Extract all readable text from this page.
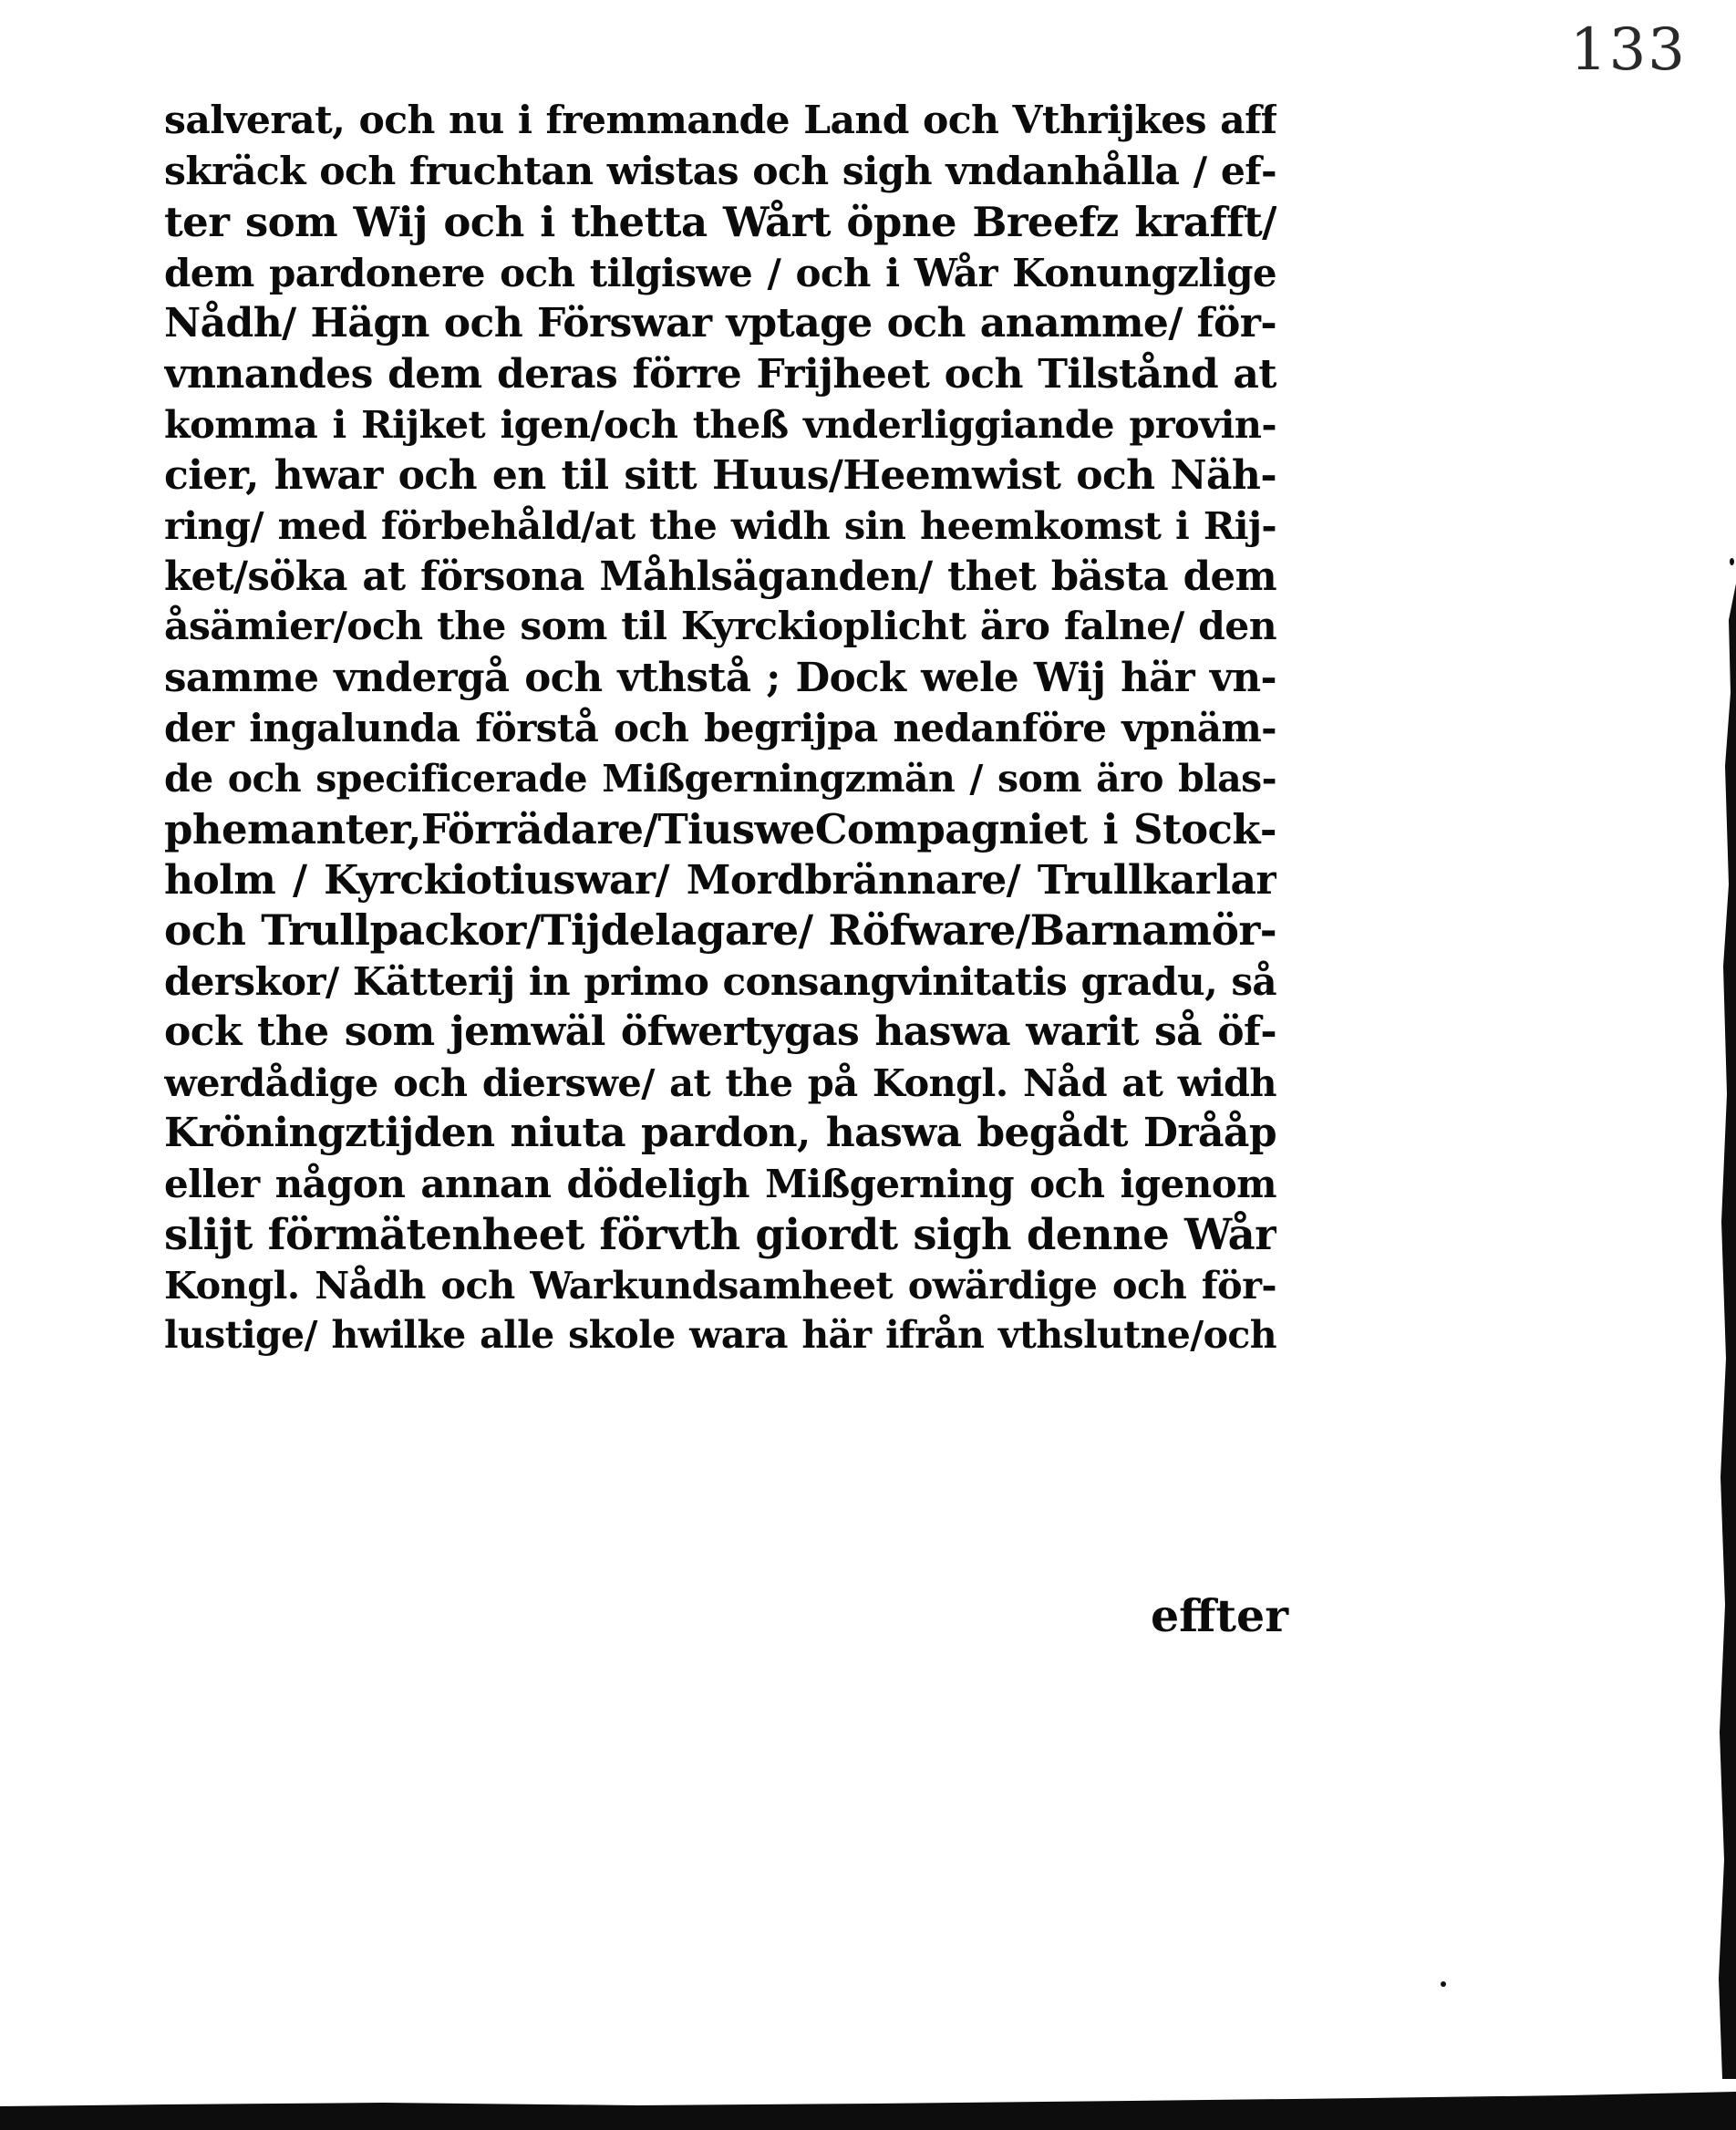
133
salverat, och nu i fremmande Land och Vthrijkes aff
skräck och fruchtan wistas och sigh vndanhålla / ef‑
ter som Wij och i thetta Wårt öpne Breefz krafft/
dem pardonere och tilgiswe / och i Wår Konungzlige
Nådh/ Hägn och Förswar vptage och anamme/ för‑
vnnandes dem deras förre Frijheet och Tilstånd at
komma i Rijket igen/och theß vnderliggiande provin‑
cier, hwar och en til sitt Huus/Heemwist och Näh‑
ring/ med förbehåld/at the widh sin heemkomst i Rij‑
ket/söka at försona Måhlsäganden/ thet bästa dem
åsämier/och the som til Kyrckioplicht äro falne/ den
samme vndergå och vthstå ; Dock wele Wij här vn‑
der ingalunda förstå och begrijpa nedanföre vpnäm‑
de och specificerade Mißgerningzmän / som äro blas‑
phemanter,Förrädare/TiusweCompagniet i Stock‑
holm / Kyrckiotiuswar/ Mordbrännare/ Trullkarlar
och Trullpackor/Tijdelagare/ Röfware/Barnamör‑
derskor/ Kätterij in primo consangvinitatis gradu, så
ock the som jemwäl öfwertygas haswa warit så öf‑
werdådige och dierswe/ at the på Kongl. Nåd at widh
Kröningztijden niuta pardon, haswa begådt Drååp
eller någon annan dödeligh Mißgerning och igenom
slijt förmätenheet förvth giordt sigh denne Wår
Kongl. Nådh och Warkundsamheet owärdige och för‑
lustige/ hwilke alle skole wara här ifrån vthslutne/och
effter
